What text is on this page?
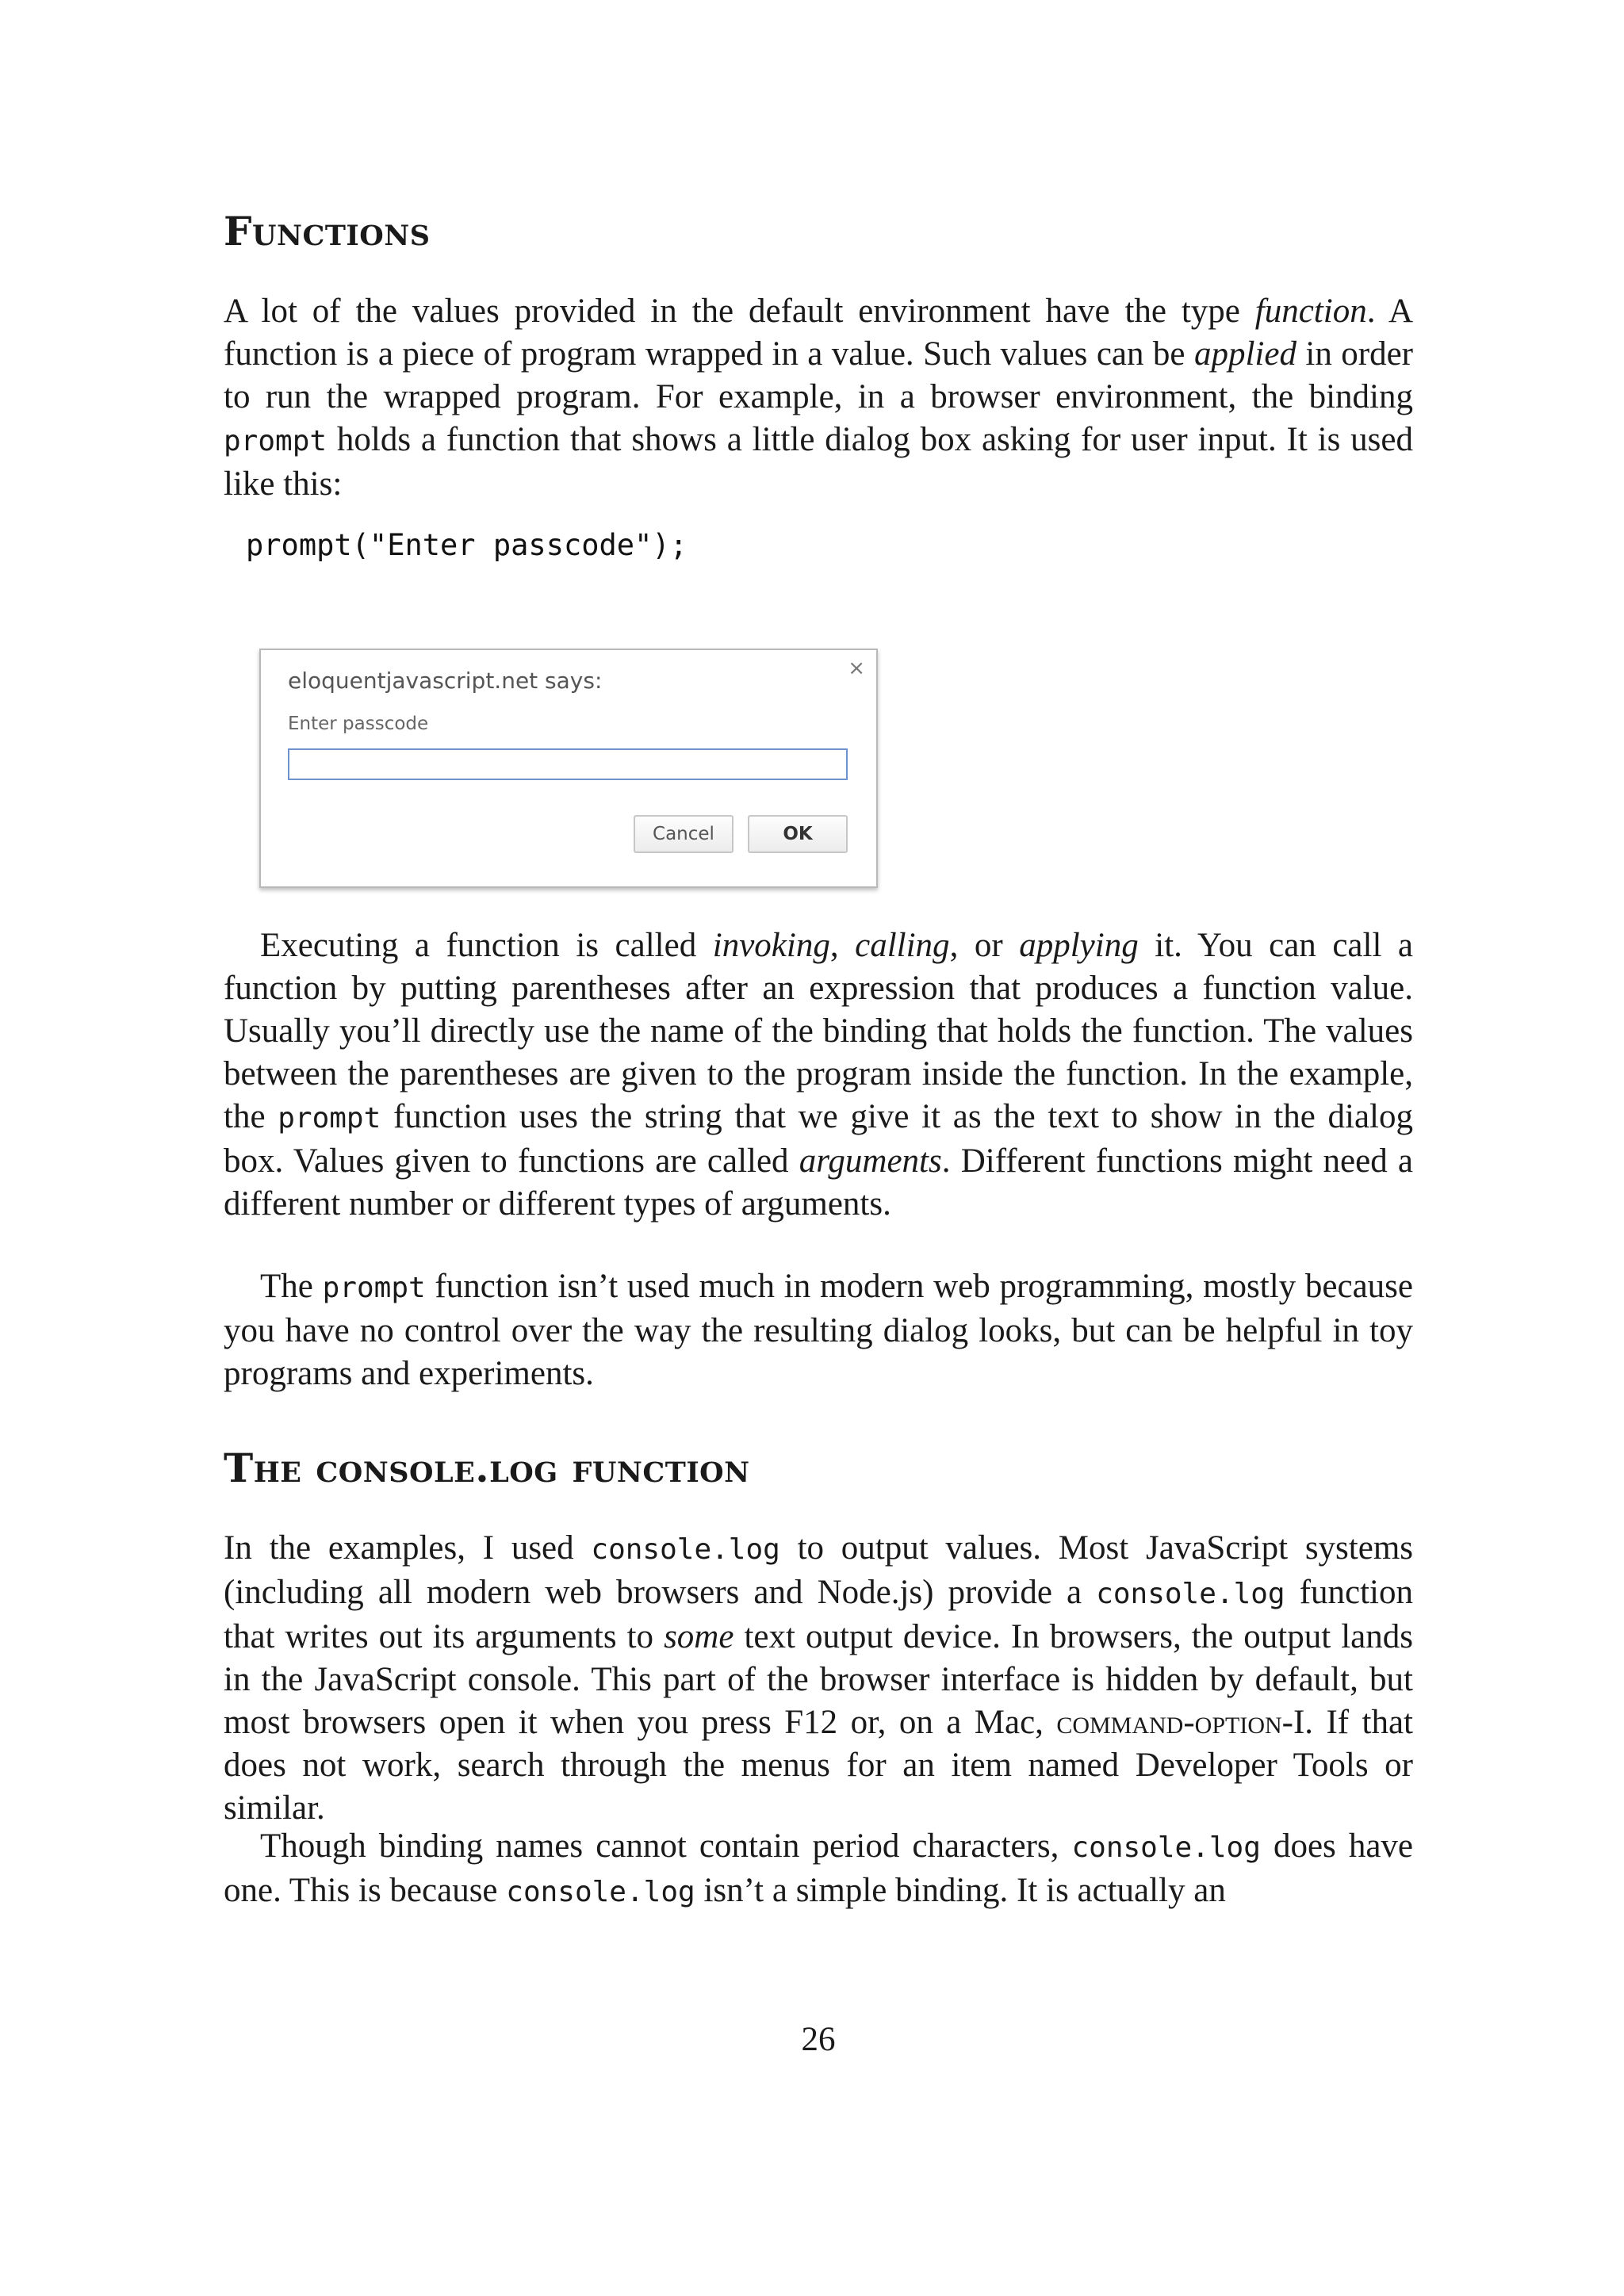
Functions

A lot of the values provided in the default environment have the type function. A function is a piece of program wrapped in a value. Such values can be applied in order to run the wrapped program. For example, in a browser environment, the binding prompt holds a function that shows a little dialog box asking for user input. It is used like this:

prompt("Enter passcode");
eloquentjavascript.net says:	×
Enter passcode
Cancel	OK

Executing a function is called invoking, calling, or applying it. You can call a function by putting parentheses after an expression that produces a function value. Usually you’ll directly use the name of the binding that holds the function. The values between the parentheses are given to the program inside the function. In the example, the prompt function uses the string that we give it as the text to show in the dialog box. Values given to functions are called arguments. Different functions might need a different number or different types of arguments.

The prompt function isn’t used much in modern web programming, mostly because you have no control over the way the resulting dialog looks, but can be helpful in toy programs and experiments.

The console.log function

In the examples, I used console.log to output values. Most JavaScript systems (including all modern web browsers and Node.js) provide a console.log function that writes out its arguments to some text output device. In browsers, the output lands in the JavaScript console. This part of the browser interface is hidden by default, but most browsers open it when you press F12 or, on a Mac, command-option-I. If that does not work, search through the menus for an item named Developer Tools or similar.

Though binding names cannot contain period characters, console.log does have one. This is because console.log isn’t a simple binding. It is actually an

26
